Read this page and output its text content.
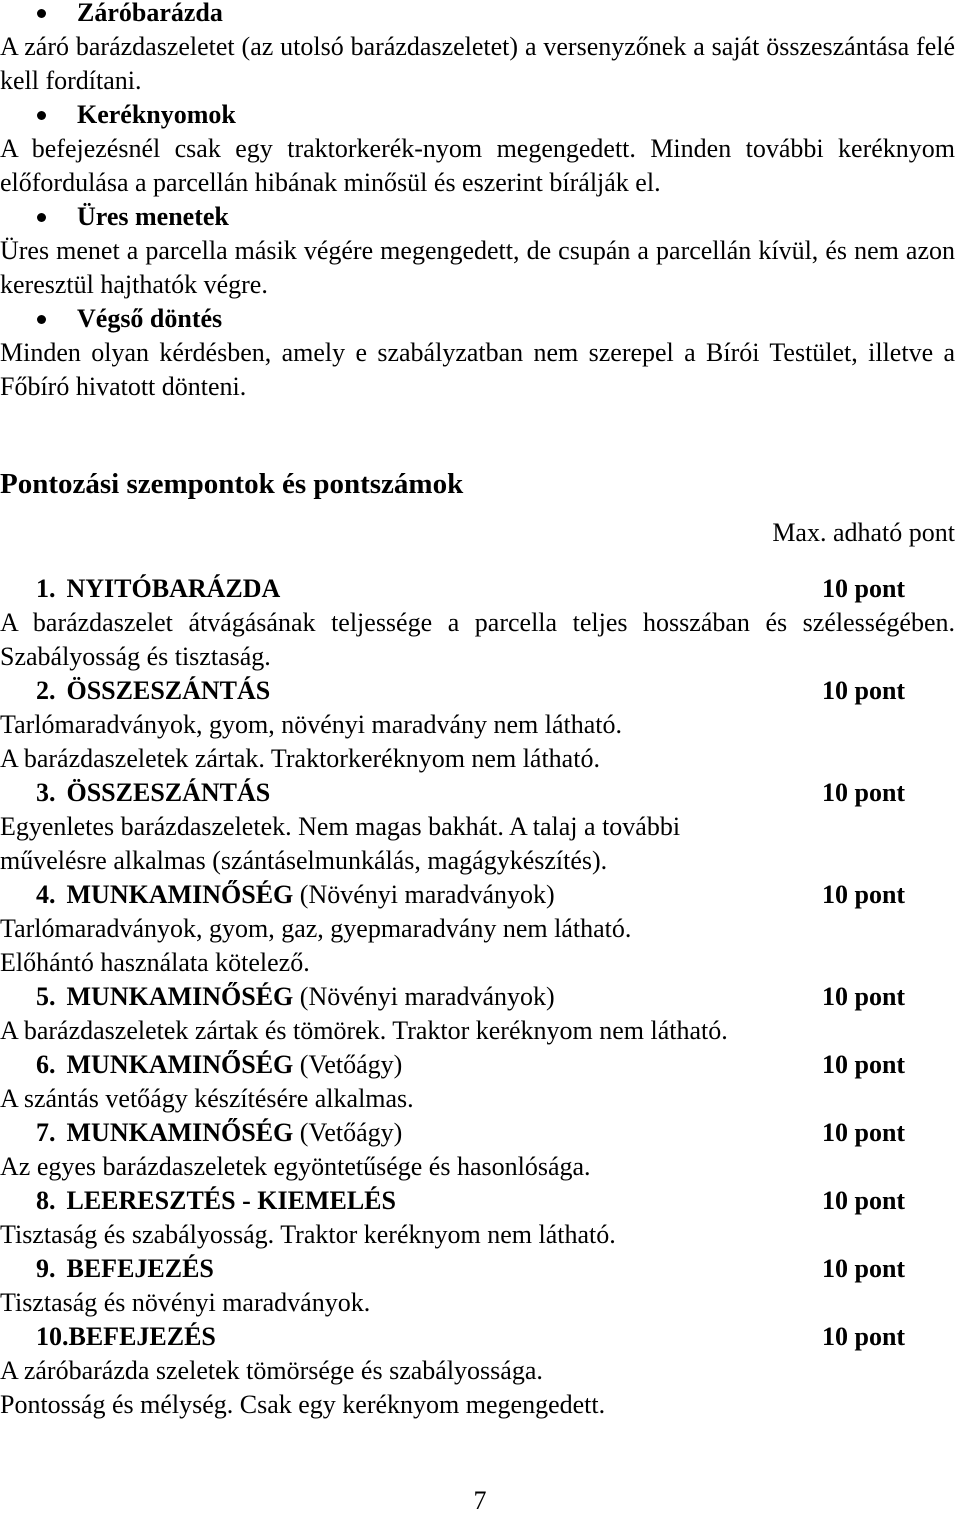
Záróbarázda

A záró barázdaszeletet (az utolsó barázdaszeletet) a versenyzőnek a saját összeszántása felé kell fordítani.

Keréknyomok

A befejezésnél csak egy traktorkerék-nyom megengedett. Minden további keréknyom előfordulása a parcellán hibának minősül és eszerint bírálják el.

Üres menetek

Üres menet a parcella másik végére megengedett, de csupán a parcellán kívül, és nem azon keresztül hajthatók végre.

Végső döntés

Minden olyan kérdésben, amely e szabályzatban nem szerepel a Bírói Testület, illetve a Főbíró hivatott dönteni.

Pontozási szempontok és pontszámok

Max. adható pont

1. NYITÓBARÁZDA	10 pont

A barázdaszelet átvágásának teljessége a parcella teljes hosszában és szélességében. Szabályosság és tisztaság.

2. ÖSSZESZÁNTÁS	10 pont

Tarlómaradványok, gyom, növényi maradvány nem látható.

A barázdaszeletek zártak. Traktorkeréknyom nem látható.

3. ÖSSZESZÁNTÁS	10 pont

Egyenletes barázdaszeletek. Nem magas bakhát. A talaj a további

művelésre alkalmas (szántáselmunkálás, magágykészítés).

4. MUNKAMINŐSÉG (Növényi maradványok)	10 pont

Tarlómaradványok, gyom, gaz, gyepmaradvány nem látható.

Előhántó használata kötelező.

5. MUNKAMINŐSÉG (Növényi maradványok)	10 pont

A barázdaszeletek zártak és tömörek. Traktor keréknyom nem látható.

6. MUNKAMINŐSÉG (Vetőágy)	10 pont

A szántás vetőágy készítésére alkalmas.

7. MUNKAMINŐSÉG (Vetőágy)	10 pont

Az egyes barázdaszeletek egyöntetűsége és hasonlósága.

8. LEERESZTÉS - KIEMELÉS	10 pont

Tisztaság és szabályosság. Traktor keréknyom nem látható.

9. BEFEJEZÉS	10 pont

Tisztaság és növényi maradványok.

10.BEFEJEZÉS	10 pont

A záróbarázda szeletek tömörsége és szabályossága.

Pontosság és mélység. Csak egy keréknyom megengedett.

7
